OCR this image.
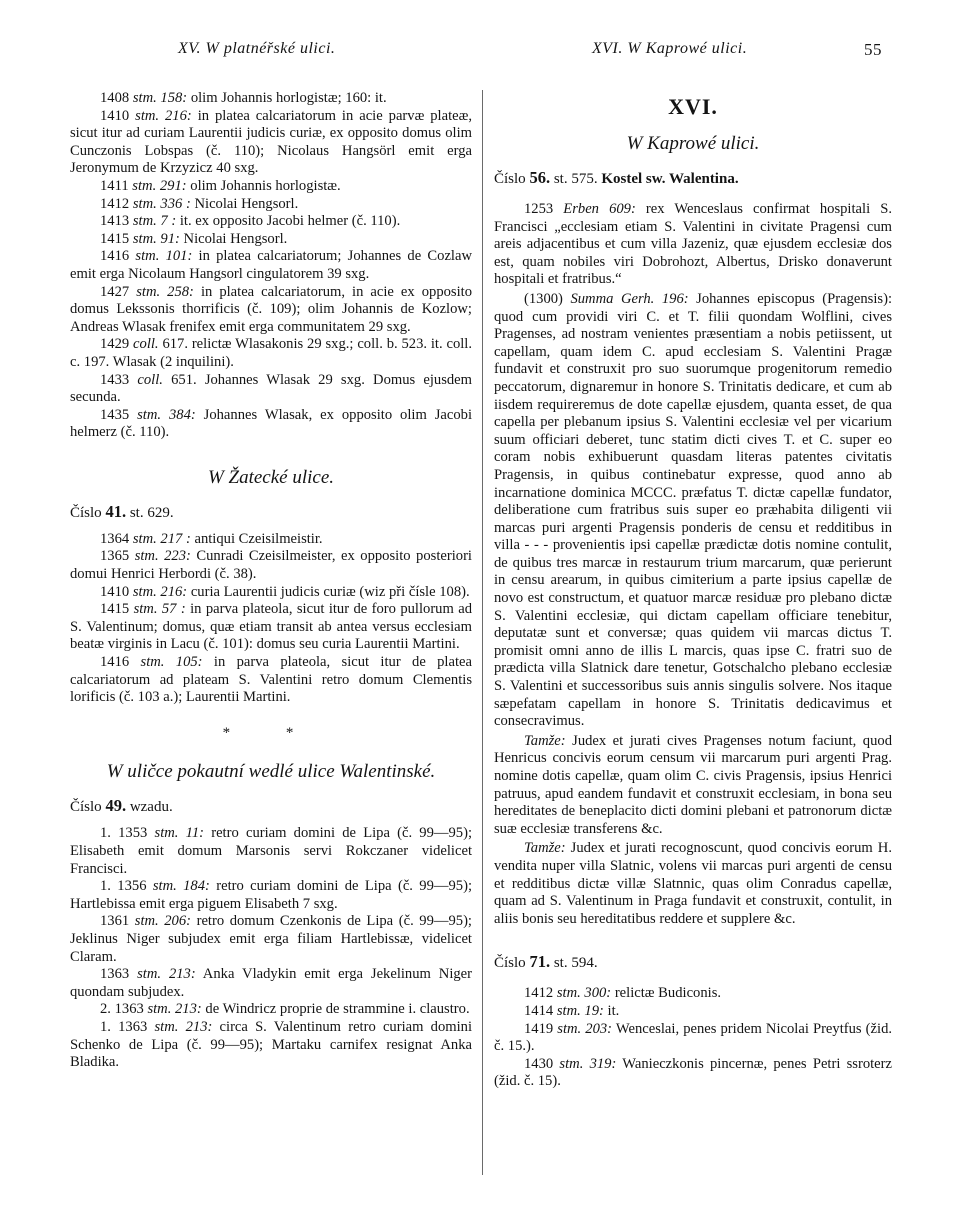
XV. W platnéřské ulici.	XVI. W Kaprowé ulici.	55

1408 stm. 158: olim Johannis horlogistæ; 160: it.

1410 stm. 216: in platea calcariatorum in acie parvæ plateæ, sicut itur ad curiam Laurentii judicis curiæ, ex opposito domus olim Cunczonis Lobspas (č. 110); Nicolaus Hangsörl emit erga Jeronymum de Krzyzicz 40 sxg.

1411 stm. 291: olim Johannis horlogistæ.

1412 stm. 336 : Nicolai Hengsorl.

1413 stm. 7 : it. ex opposito Jacobi helmer (č. 110).

1415 stm. 91: Nicolai Hengsorl.

1416 stm. 101: in platea calcariatorum; Johannes de Cozlaw emit erga Nicolaum Hangsorl cingulatorem 39 sxg.

1427 stm. 258: in platea calcariatorum, in acie ex opposito domus Lekssonis thorrificis (č. 109); olim Johannis de Kozlow; Andreas Wlasak frenifex emit erga communitatem 29 sxg.

1429 coll. 617. relictæ Wlasakonis 29 sxg.; coll. b. 523. it. coll. c. 197. Wlasak (2 inquilini).

1433 coll. 651. Johannes Wlasak 29 sxg. Domus ejusdem secunda.

1435 stm. 384: Johannes Wlasak, ex opposito olim Jacobi helmerz (č. 110).

W Žatecké ulice.

Číslo 41. st. 629.

1364 stm. 217 : antiqui Czeisilmeistir.

1365 stm. 223: Cunradi Czeisilmeister, ex opposito posteriori domui Henrici Herbordi (č. 38).

1410 stm. 216: curia Laurentii judicis curiæ (wiz při čísle 108).

1415 stm. 57 : in parva plateola, sicut itur de foro pullorum ad S. Valentinum; domus, quæ etiam transit ab antea versus ecclesiam beatæ virginis in Lacu (č. 101): domus seu curia Laurentii Martini.

1416 stm. 105: in parva plateola, sicut itur de platea calcariatorum ad plateam S. Valentini retro domum Clementis lorificis (č. 103 a.); Laurentii Martini.

* *
W uličce pokautní wedlé ulice Walentinské.

Číslo 49. wzadu.

1. 1353 stm. 11: retro curiam domini de Lipa (č. 99—95); Elisabeth emit domum Marsonis servi Rokczaner videlicet Francisci.

1. 1356 stm. 184: retro curiam domini de Lipa (č. 99—95); Hartlebissa emit erga piguem Elisabeth 7 sxg.

1361 stm. 206: retro domum Czenkonis de Lipa (č. 99—95); Jeklinus Niger subjudex emit erga filiam Hartlebissæ, videlicet Claram.

1363 stm. 213: Anka Vladykin emit erga Jekelinum Niger quondam subjudex.

2. 1363 stm. 213: de Windricz proprie de strammine i. claustro.

1. 1363 stm. 213: circa S. Valentinum retro curiam domini Schenko de Lipa (č. 99—95); Martaku carnifex resignat Anka Bladika.

XVI.
W Kaprowé ulici.

Číslo 56. st. 575. Kostel sw. Walentina.

1253 Erben 609: rex Wenceslaus confirmat hospitali S. Francisci „ecclesiam etiam S. Valentini in civitate Pragensi cum areis adjacentibus et cum villa Jazeniz, quæ ejusdem ecclesiæ dos est, quam nobiles viri Dobrohozt, Albertus, Drisko donaverunt hospitali et fratribus.“

(1300) Summa Gerh. 196: Johannes episcopus (Pragensis): quod cum providi viri C. et T. filii quondam Wolflini, cives Pragenses, ad nostram venientes præsentiam a nobis petiissent, ut capellam, quam idem C. apud ecclesiam S. Valentini Pragæ fundavit et construxit pro suo suorumque progenitorum remedio peccatorum, dignaremur in honore S. Trinitatis dedicare, et cum ab iisdem requireremus de dote capellæ ejusdem, quanta esset, de qua capella per plebanum ipsius S. Valentini ecclesiæ vel per vicarium suum officiari deberet, tunc statim dicti cives T. et C. super eo coram nobis exhibuerunt quasdam literas patentes civitatis Pragensis, in quibus continebatur expresse, quod anno ab incarnatione dominica MCCC. præfatus T. dictæ capellæ fundator, deliberatione cum fratribus suis super eo præhabita diligenti vii marcas puri argenti Pragensis ponderis de censu et redditibus in villa - - - provenientis ipsi capellæ prædictæ dotis nomine contulit, de quibus tres marcæ in restaurum trium marcarum, quæ perierunt in censu arearum, in quibus cimiterium a parte ipsius capellæ de novo est constructum, et quatuor marcæ residuæ pro plebano dictæ S. Valentini ecclesiæ, qui dictam capellam officiare tenebitur, deputatæ sunt et conversæ; quas quidem vii marcas dictus T. promisit omni anno de illis L marcis, quas ipse C. fratri suo de prædicta villa Slatnick dare tenetur, Gotschalcho plebano ecclesiæ S. Valentini et successoribus suis annis singulis solvere. Nos itaque sæpefatam capellam in honore S. Trinitatis dedicavimus et consecravimus.

Tamže: Judex et jurati cives Pragenses notum faciunt, quod Henricus concivis eorum censum vii marcarum puri argenti Prag. nomine dotis capellæ, quam olim C. civis Pragensis, ipsius Henrici patruus, apud eandem fundavit et construxit ecclesiam, in bona seu hereditates de beneplacito dicti domini plebani et patronorum dictæ suæ ecclesiæ transferens &c.

Tamže: Judex et jurati recognoscunt, quod concivis eorum H. vendita nuper villa Slatnic, volens vii marcas puri argenti de censu et redditibus dictæ villæ Slatnnic, quas olim Conradus capellæ, quam ad S. Valentinum in Praga fundavit et construxit, contulit, in aliis bonis seu hereditatibus reddere et supplere &c.

Číslo 71. st. 594.

1412 stm. 300: relictæ Budiconis.

1414 stm. 19: it.

1419 stm. 203: Wenceslai, penes pridem Nicolai Preytfus (žid. č. 15.).

1430 stm. 319: Wanieczkonis pincernæ, penes Petri ssroterz (žid. č. 15).
